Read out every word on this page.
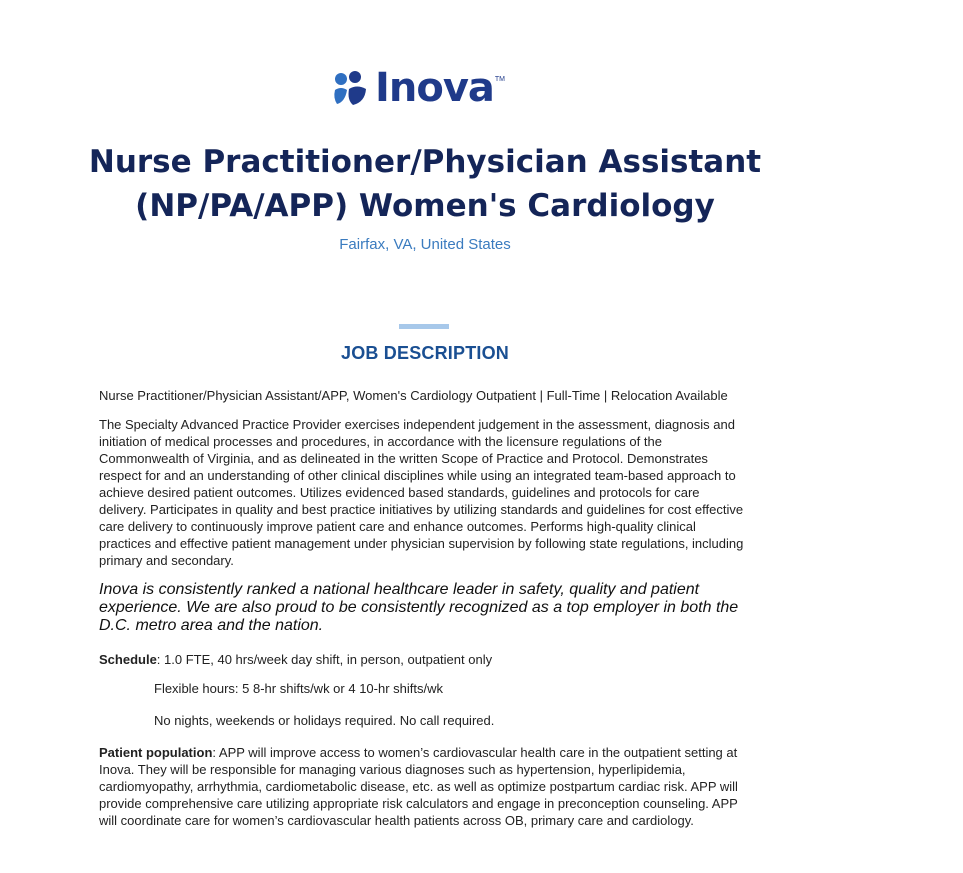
Inova TM
Nurse Practitioner/Physician Assistant
(NP/PA/APP) Women's Cardiology
Fairfax, VA, United States
JOB DESCRIPTION

Nurse Practitioner/Physician Assistant/APP, Women's Cardiology Outpatient | Full-Time | Relocation Available

The Specialty Advanced Practice Provider exercises independent judgement in the assessment, diagnosis and initiation of medical processes and procedures, in accordance with the licensure regulations of the Commonwealth of Virginia, and as delineated in the written Scope of Practice and Protocol. Demonstrates respect for and an understanding of other clinical disciplines while using an integrated team-based approach to achieve desired patient outcomes. Utilizes evidenced based standards, guidelines and protocols for care delivery. Participates in quality and best practice initiatives by utilizing standards and guidelines for cost effective care delivery to continuously improve patient care and enhance outcomes. Performs high-quality clinical practices and effective patient management under physician supervision by following state regulations, including primary and secondary.

Inova is consistently ranked a national healthcare leader in safety, quality and patient experience. We are also proud to be consistently recognized as a top employer in both the D.C. metro area and the nation.

Schedule: 1.0 FTE, 40 hrs/week day shift, in person, outpatient only

Flexible hours: 5 8-hr shifts/wk or 4 10-hr shifts/wk

No nights, weekends or holidays required. No call required.

Patient population: APP will improve access to women’s cardiovascular health care in the outpatient setting at Inova. They will be responsible for managing various diagnoses such as hypertension, hyperlipidemia, cardiomyopathy, arrhythmia, cardiometabolic disease, etc. as well as optimize postpartum cardiac risk. APP will provide comprehensive care utilizing appropriate risk calculators and engage in preconception counseling. APP will coordinate care for women’s cardiovascular health patients across OB, primary care and cardiology.
